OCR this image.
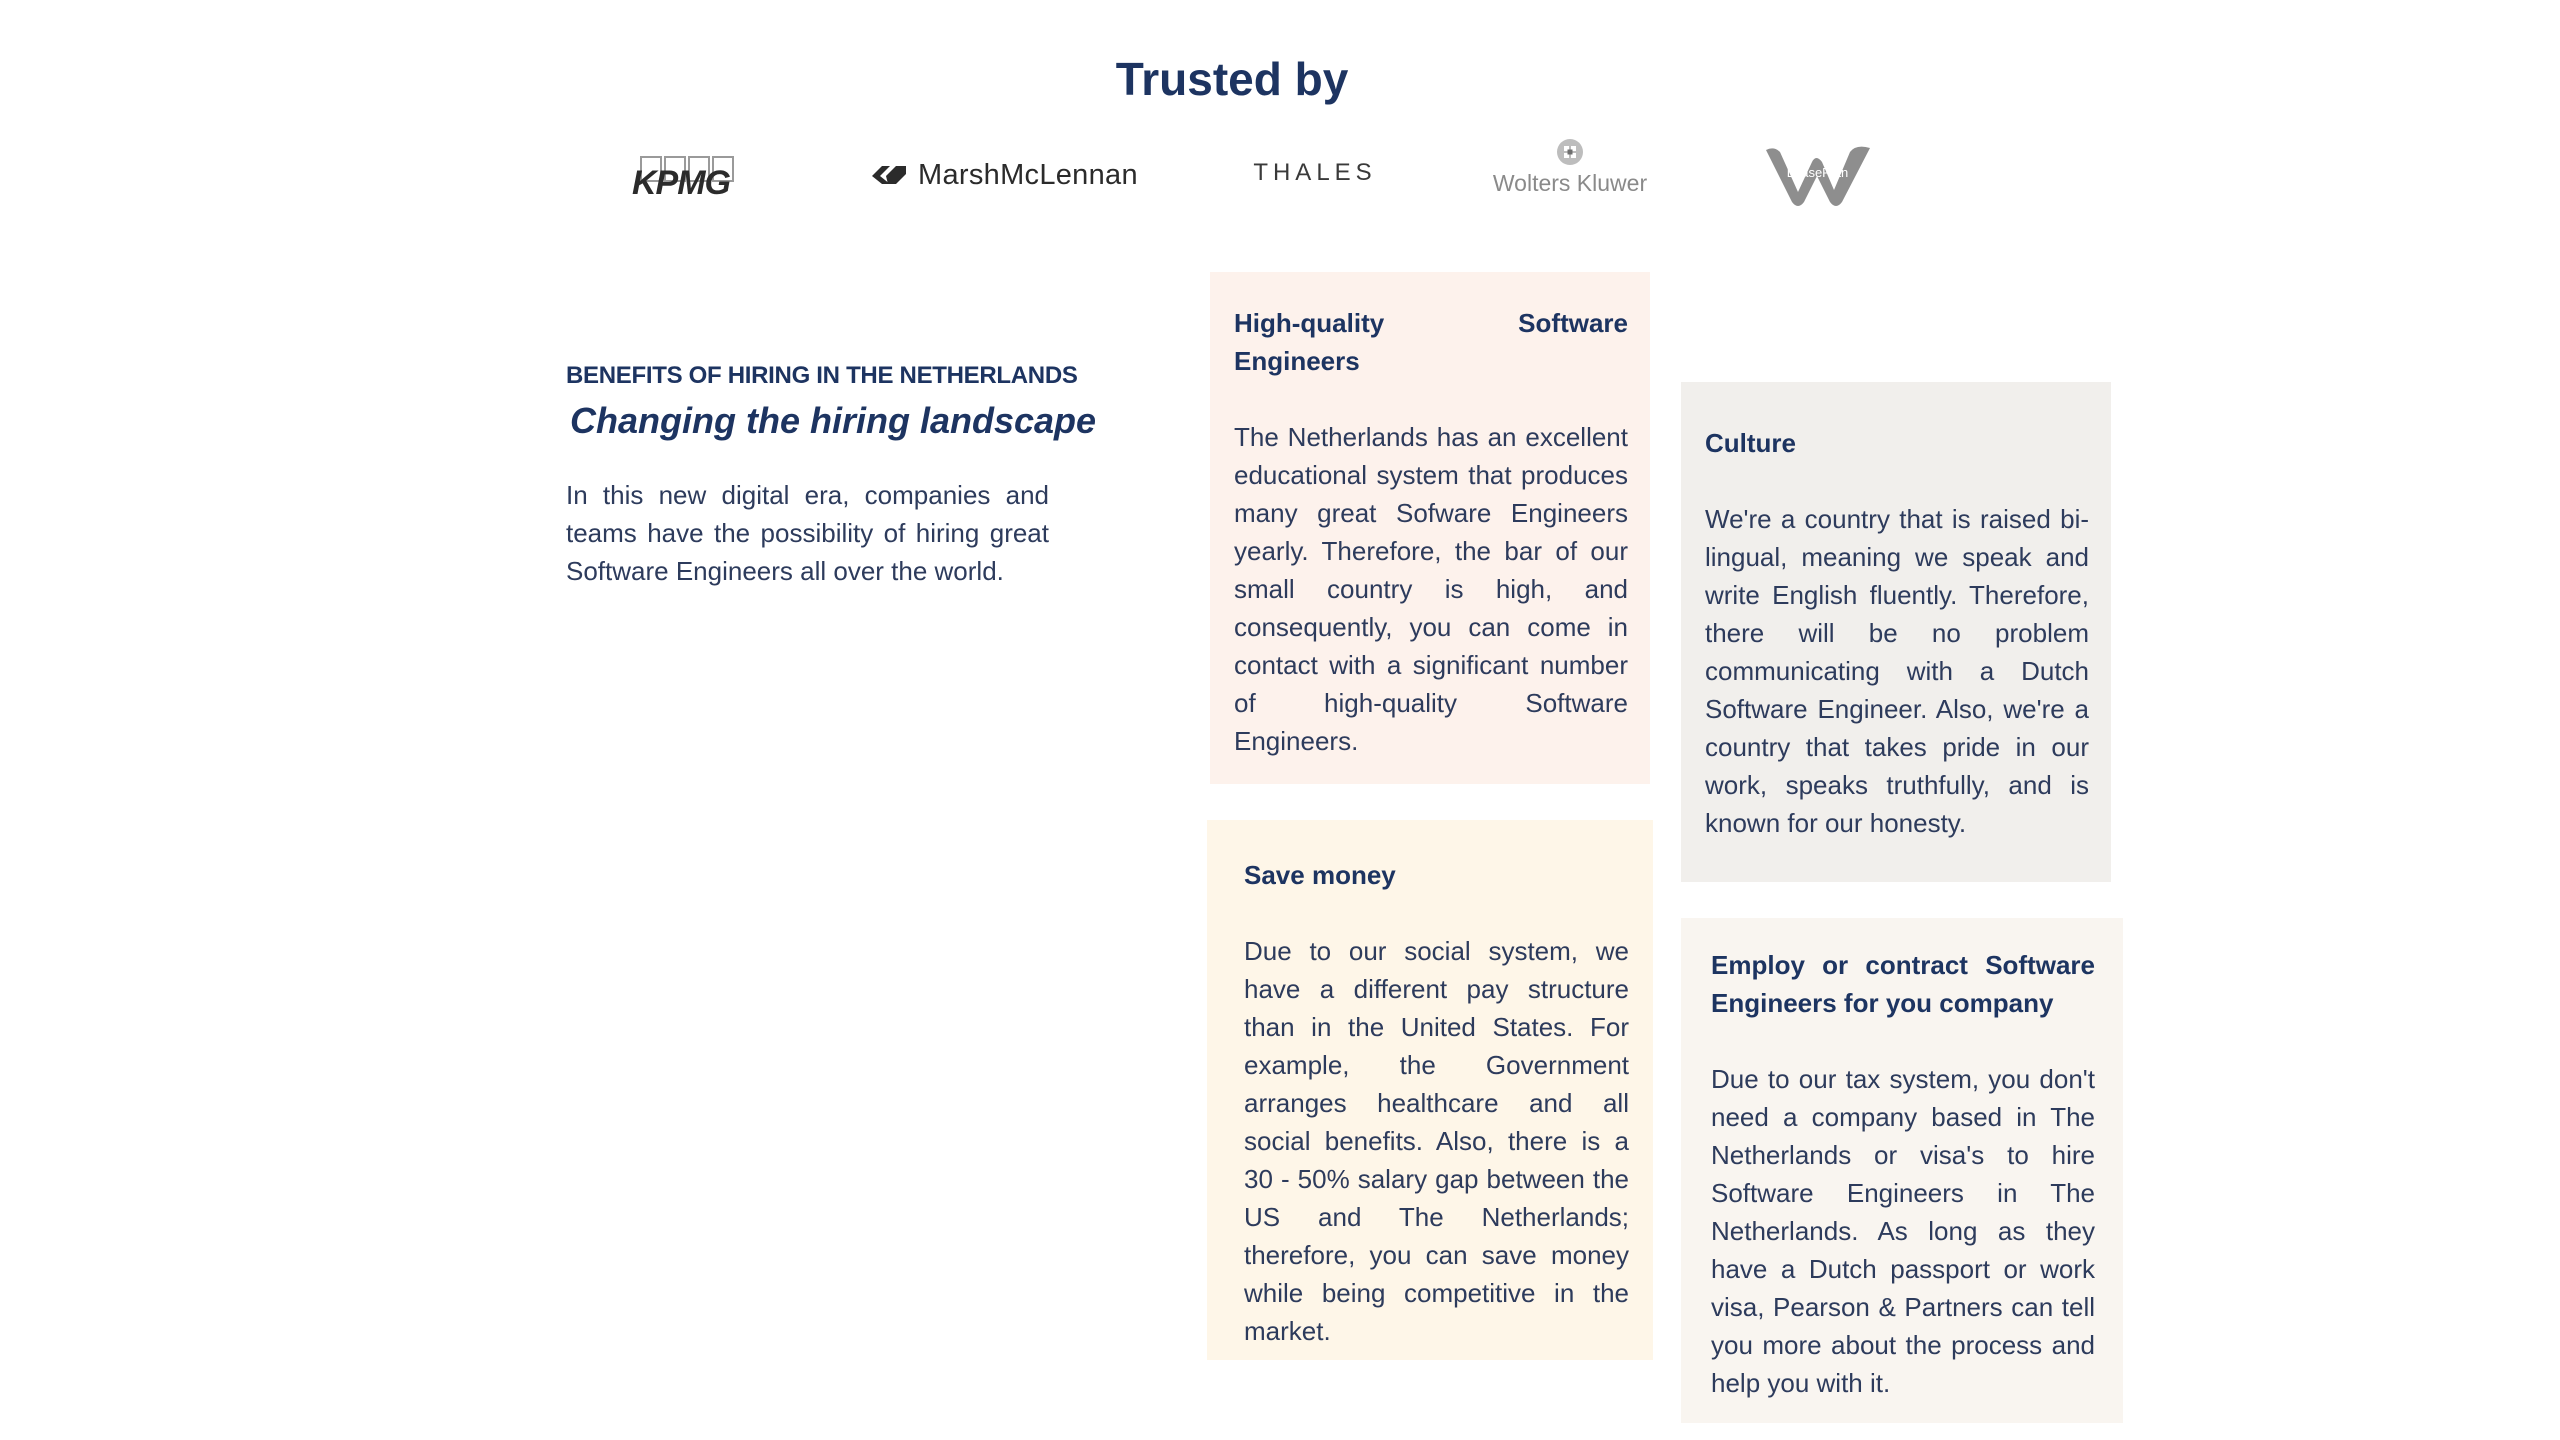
Trusted by
KPMG	MarshMcLennan	THALES	Wolters Kluwer	LeasePlan
BENEFITS OF HIRING IN THE NETHERLANDS
Changing the hiring landscape

In this new digital era, companies and teams have the possibility of hiring great Software Engineers all over the world.

High-quality Software Engineers

The Netherlands has an excellent educational system that produces many great Sofware Engineers yearly. Therefore, the bar of our small country is high, and consequently, you can come in contact with a significant number of high-quality Software Engineers.

Culture

We're a country that is raised bi-lingual, meaning we speak and write English fluently. Therefore, there will be no problem communicating with a Dutch Software Engineer. Also, we're a country that takes pride in our work, speaks truthfully, and is known for our honesty.

Save money

Due to our social system, we have a different pay structure than in the United States. For example, the Government arranges healthcare and all social benefits. Also, there is a 30 - 50% salary gap between the US and The Netherlands; therefore, you can save money while being competitive in the market.

Employ or contract Software Engineers for you company

Due to our tax system, you don't need a company based in The Netherlands or visa's to hire Software Engineers in The Netherlands. As long as they have a Dutch passport or work visa, Pearson & Partners can tell you more about the process and help you with it.
